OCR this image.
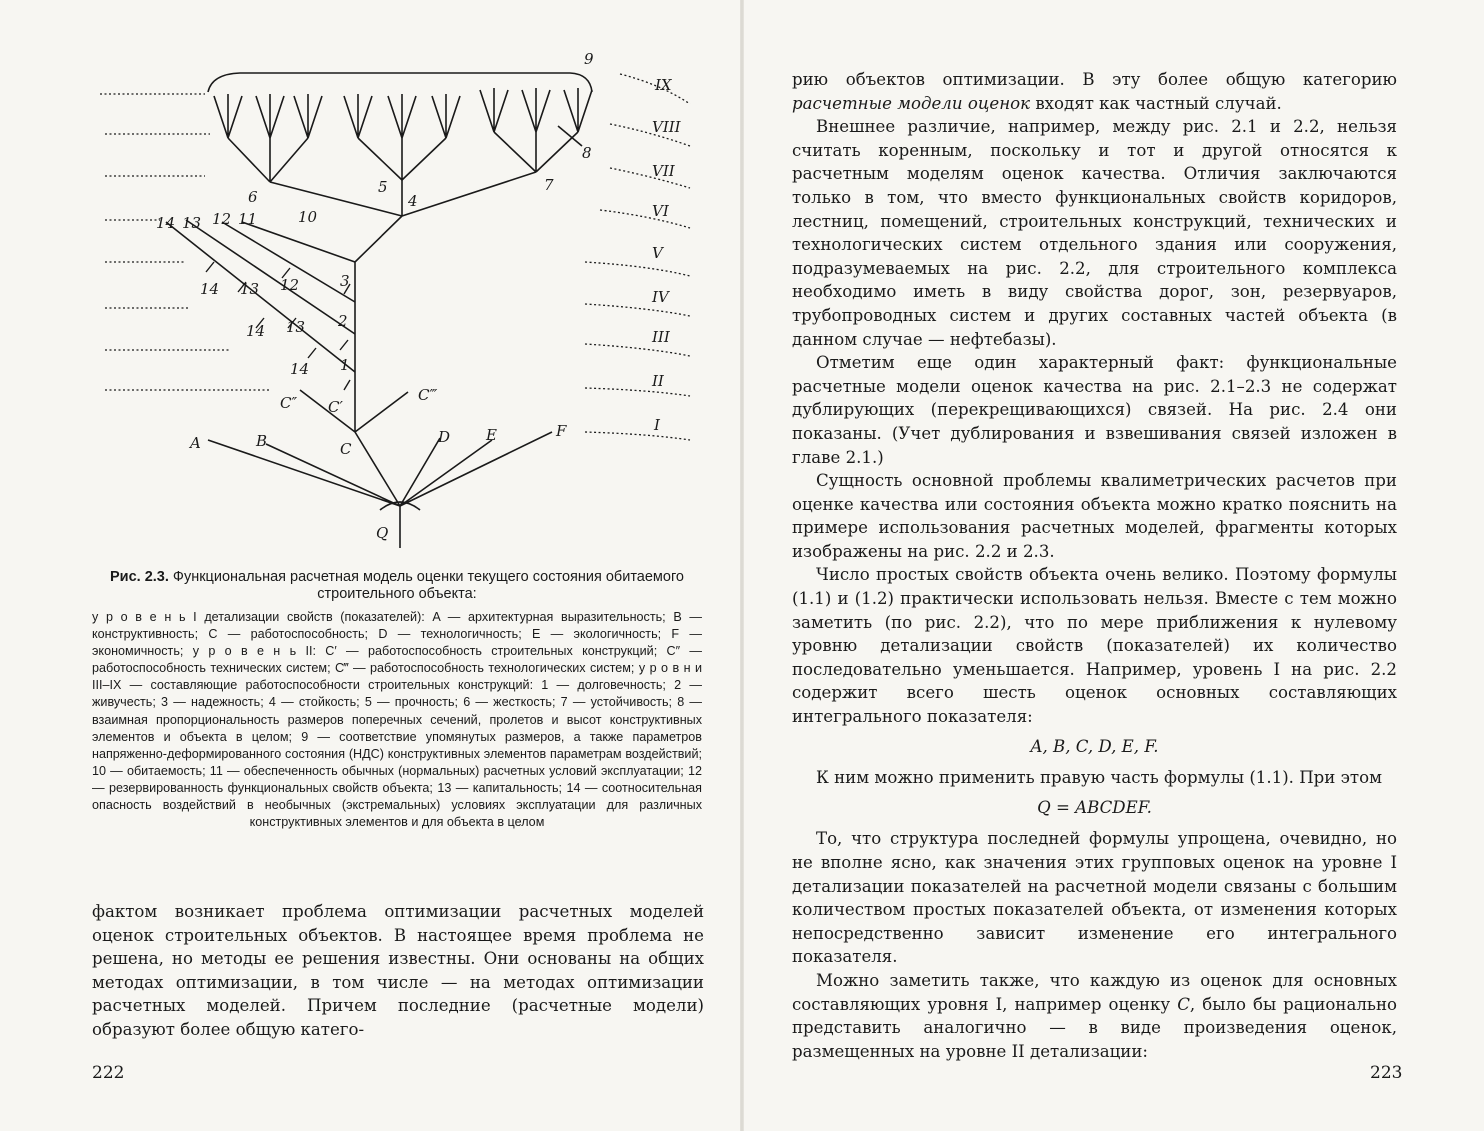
IX
VIII
VII
VI
V
IV
III
II
I
Q
A	B	C
D E	F
C′
C″	C‴
1
2
3
4
5
6
7
8
9
10
11
12
13
14
14 13 12
14 13
14
Рис. 2.3. Функциональная расчетная модель оценки текущего состояния обитаемого строительного объекта:
у р о в е н ь I детализации свойств (показателей): A — архитектурная выразительность; B — конструктивность; C — работоспособность; D — технологичность; E — экологичность; F — экономичность; у р о в е н ь II: C′ — работоспособность строительных конструкций; C″ — работоспособность технических систем; C‴ — работоспособность технологических систем; у р о в н и III–IX — составляющие работоспособности строительных конструкций: 1 — долговечность; 2 — живучесть; 3 — надежность; 4 — стойкость; 5 — прочность; 6 — жесткость; 7 — устойчивость; 8 — взаимная пропорциональность размеров поперечных сечений, пролетов и высот конструктивных элементов и объекта в целом; 9 — соответствие упомянутых размеров, а также параметров напряженно-деформированного состояния (НДС) конструктивных элементов параметрам воздействий; 10 — обитаемость; 11 — обеспеченность обычных (нормальных) расчетных условий эксплуатации; 12 — резервированность функциональных свойств объекта; 13 — капитальность; 14 — соотносительная опасность воздействий в необычных (экстремальных) условиях эксплуатации для различных конструктивных элементов и для объекта в целом

фактом возникает проблема оптимизации расчетных моделей оценок строительных объектов. В настоящее время проблема не решена, но методы ее решения известны. Они основаны на общих методах оптимизации, в том числе — на методах оптимизации расчетных моделей. Причем последние (расчетные модели) образуют более общую катего-

222

рию объектов оптимизации. В эту более общую категорию расчетные модели оценок входят как частный случай.

Внешнее различие, например, между рис. 2.1 и 2.2, нельзя считать коренным, поскольку и тот и другой относятся к расчетным моделям оценок качества. Отличия заключаются только в том, что вместо функциональных свойств коридоров, лестниц, помещений, строительных конструкций, технических и технологических систем отдельного здания или сооружения, подразумеваемых на рис. 2.2, для строительного комплекса необходимо иметь в виду свойства дорог, зон, резервуаров, трубопроводных систем и других составных частей объекта (в данном случае — нефтебазы).

Отметим еще один характерный факт: функциональные расчетные модели оценок качества на рис. 2.1–2.3 не содержат дублирующих (перекрещивающихся) связей. На рис. 2.4 они показаны. (Учет дублирования и взвешивания связей изложен в главе 2.1.)

Сущность основной проблемы квалиметрических расчетов при оценке качества или состояния объекта можно кратко пояснить на примере использования расчетных моделей, фрагменты которых изображены на рис. 2.2 и 2.3.

Число простых свойств объекта очень велико. Поэтому формулы (1.1) и (1.2) практически использовать нельзя. Вместе с тем можно заметить (по рис. 2.2), что по мере приближения к нулевому уровню детализации свойств (показателей) их количество последовательно уменьшается. Например, уровень I на рис. 2.2 содержит всего шесть оценок основных составляющих интегрального показателя:

A, B, C, D, E, F.

К ним можно применить правую часть формулы (1.1). При этом

Q = ABCDEF.

То, что структура последней формулы упрощена, очевидно, но не вполне ясно, как значения этих групповых оценок на уровне I детализации показателей на расчетной модели связаны с большим количеством простых показателей объекта, от изменения которых непосредственно зависит изменение его интегрального показателя.

Можно заметить также, что каждую из оценок для основных составляющих уровня I, например оценку C, было бы рационально представить аналогично — в виде произведения оценок, размещенных на уровне II детализации:

223
